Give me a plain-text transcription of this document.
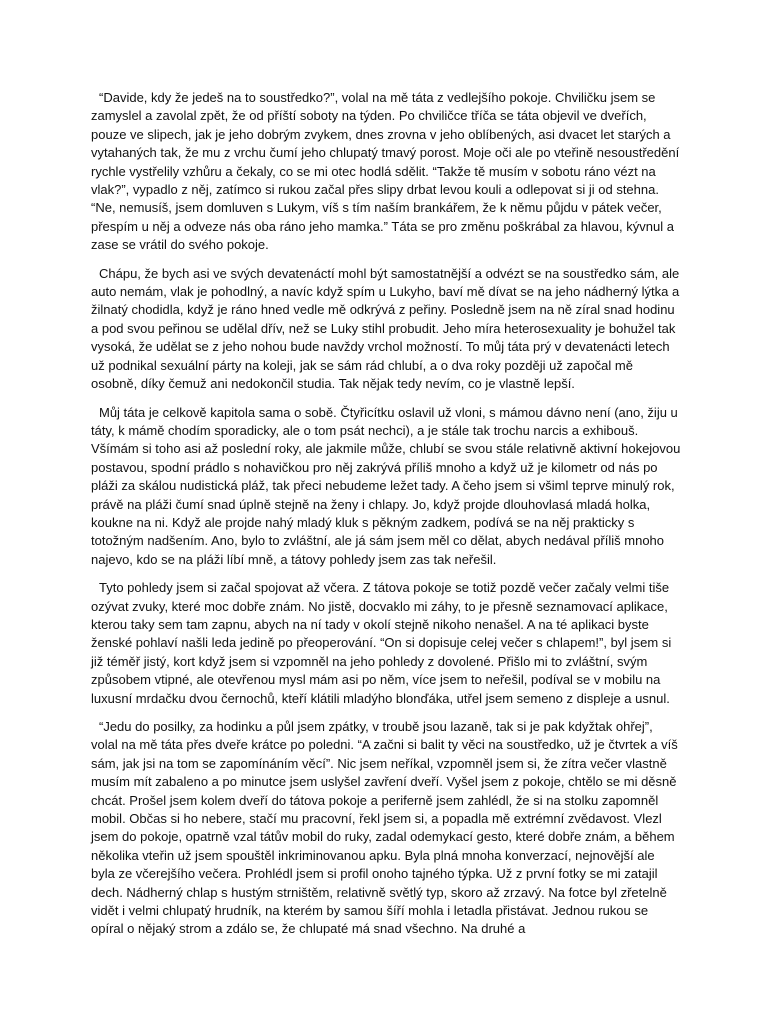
“Davide, kdy že jedeš na to soustředko?”, volal na mě táta z vedlejšího pokoje. Chviličku jsem se zamyslel a zavolal zpět, že od příští soboty na týden. Po chviličce tříča se táta objevil ve dveřích, pouze ve slipech, jak je jeho dobrým zvykem, dnes zrovna v jeho oblíbených, asi dvacet let starých a vytahaných tak, že mu z vrchu čumí jeho chlupatý tmavý porost. Moje oči ale po vteřině nesoustředění rychle vystřelily vzhůru a čekaly, co se mi otec hodlá sdělit. “Takže tě musím v sobotu ráno vézt na vlak?”, vypadlo z něj, zatímco si rukou začal přes slipy drbat levou kouli a odlepovat si ji od stehna. “Ne, nemusíš, jsem domluven s Lukym, víš s tím naším brankářem, že k němu půjdu v pátek večer, přespím u něj a odveze nás oba ráno jeho mamka.” Táta se pro změnu poškrábal za hlavou, kývnul a zase se vrátil do svého pokoje.

Chápu, že bych asi ve svých devatenáctí mohl být samostatnější a odvézt se na soustředko sám, ale auto nemám, vlak je pohodlný, a navíc když spím u Lukyho, baví mě dívat se na jeho nádherný lýtka a žilnatý chodidla, když je ráno hned vedle mě odkrývá z peřiny. Posledně jsem na ně zíral snad hodinu a pod svou peřinou se udělal dřív, než se Luky stihl probudit. Jeho míra heterosexuality je bohužel tak vysoká, že udělat se z jeho nohou bude navždy vrchol možností. To můj táta prý v devatenácti letech už podnikal sexuální párty na koleji, jak se sám rád chlubí, a o dva roky později už započal mě osobně, díky čemuž ani nedokončil studia. Tak nějak tedy nevím, co je vlastně lepší.

Můj táta je celkově kapitola sama o sobě. Čtyřicítku oslavil už vloni, s mámou dávno není (ano, žiju u táty, k mámě chodím sporadicky, ale o tom psát nechci), a je stále tak trochu narcis a exhibouš. Všímám si toho asi až poslední roky, ale jakmile může, chlubí se svou stále relativně aktivní hokejovou postavou, spodní prádlo s nohavičkou pro něj zakrývá příliš mnoho a když už je kilometr od nás po pláži za skálou nudistická pláž, tak přeci nebudeme ležet tady. A čeho jsem si všiml teprve minulý rok, právě na pláži čumí snad úplně stejně na ženy i chlapy. Jo, když projde dlouhovlasá mladá holka, koukne na ni. Když ale projde nahý mladý kluk s pěkným zadkem, podívá se na něj prakticky s totožným nadšením. Ano, bylo to zvláštní, ale já sám jsem měl co dělat, abych nedával příliš mnoho najevo, kdo se na pláži líbí mně, a tátovy pohledy jsem zas tak neřešil.

Tyto pohledy jsem si začal spojovat až včera. Z tátova pokoje se totiž pozdě večer začaly velmi tiše ozývat zvuky, které moc dobře znám. No jistě, docvaklo mi záhy, to je přesně seznamovací aplikace, kterou taky sem tam zapnu, abych na ní tady v okolí stejně nikoho nenašel. A na té aplikaci byste ženské pohlaví našli leda jedině po přeoperování. “On si dopisuje celej večer s chlapem!”, byl jsem si již téměř jistý, kort když jsem si vzpomněl na jeho pohledy z dovolené. Přišlo mi to zvláštní, svým způsobem vtipné, ale otevřenou mysl mám asi po něm, více jsem to neřešil, podíval se v mobilu na luxusní mrdačku dvou černochů, kteří klátili mladýho blonďáka, utřel jsem semeno z displeje a usnul.

“Jedu do posilky, za hodinku a půl jsem zpátky, v troubě jsou lazaně, tak si je pak kdyžtak ohřej”, volal na mě táta přes dveře krátce po poledni. “A začni si balit ty věci na soustředko, už je čtvrtek a víš sám, jak jsi na tom se zapomínáním věcí”. Nic jsem neříkal, vzpomněl jsem si, že zítra večer vlastně musím mít zabaleno a po minutce jsem uslyšel zavření dveří. Vyšel jsem z pokoje, chtělo se mi děsně chcát. Prošel jsem kolem dveří do tátova pokoje a periferně jsem zahlédl, že si na stolku zapomněl mobil. Občas si ho nebere, stačí mu pracovní, řekl jsem si, a popadla mě extrémní zvědavost. Vlezl jsem do pokoje, opatrně vzal tátův mobil do ruky, zadal odemykací gesto, které dobře znám, a během několika vteřin už jsem spouštěl inkriminovanou apku. Byla plná mnoha konverzací, nejnovější ale byla ze včerejšího večera. Prohlédl jsem si profil onoho tajného týpka. Už z první fotky se mi zatajil dech. Nádherný chlap s hustým strništěm, relativně světlý typ, skoro až zrzavý. Na fotce byl zřetelně vidět i velmi chlupatý hrudník, na kterém by samou šíří mohla i letadla přistávat. Jednou rukou se opíral o nějaký strom a zdálo se, že chlupaté má snad všechno. Na druhé a
